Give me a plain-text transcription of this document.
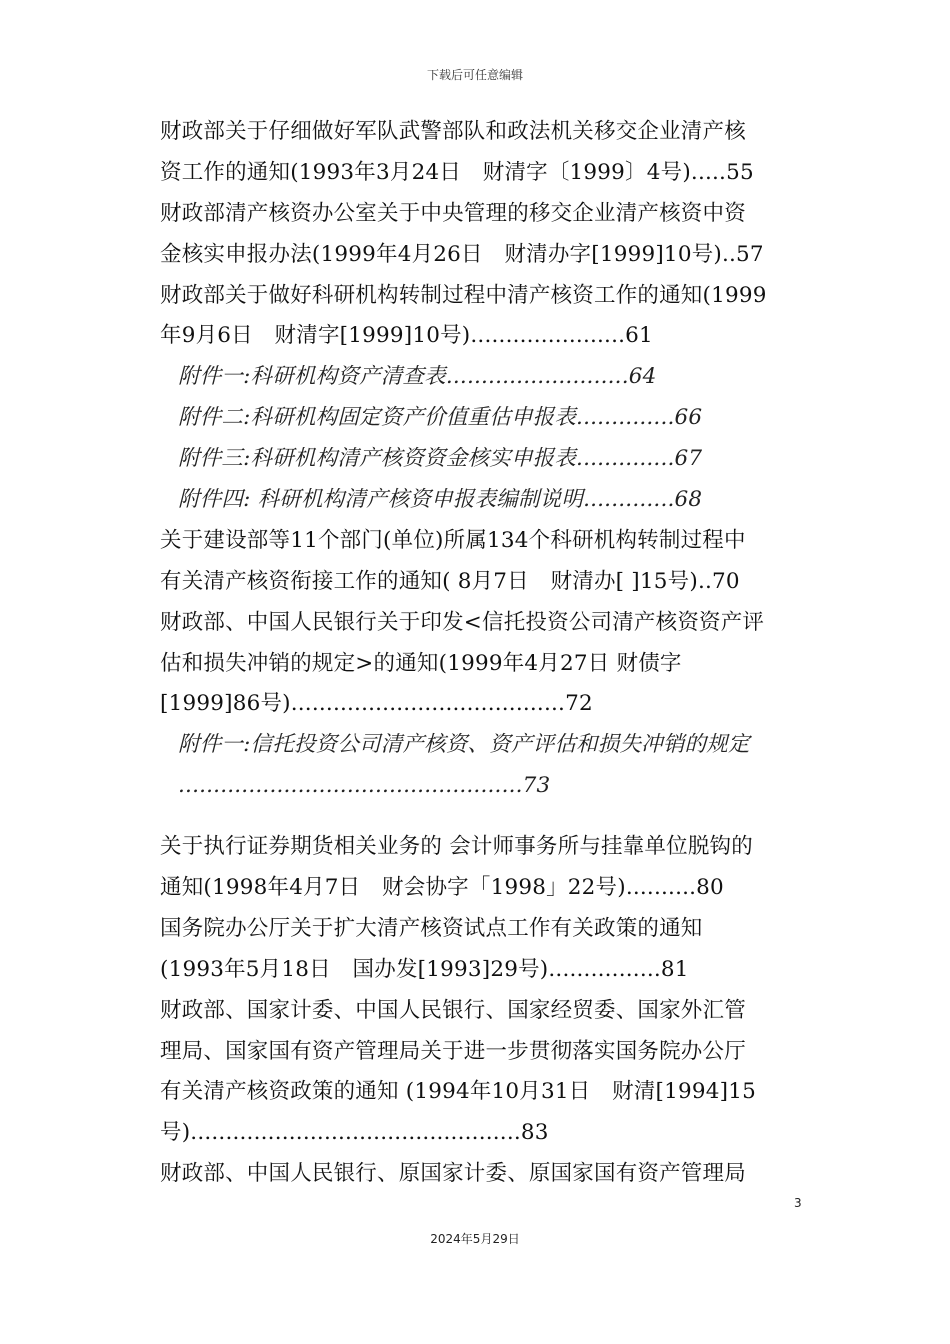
下载后可任意编辑
财政部关于仔细做好军队武警部队和政法机关移交企业清产核
资工作的通知(1993年3月24日　财清字〔1999〕4号).....55
财政部清产核资办公室关于中央管理的移交企业清产核资中资
金核实申报办法(1999年4月26日　财清办字[1999]10号)..57
财政部关于做好科研机构转制过程中清产核资工作的通知(1999
年9月6日　财清字[1999]10号)......................61
附件一:科研机构资产清查表..........................64
附件二:科研机构固定资产价值重估申报表..............66
附件三:科研机构清产核资资金核实申报表..............67
附件四: 科研机构清产核资申报表编制说明.............68
关于建设部等11个部门(单位)所属134个科研机构转制过程中
有关清产核资衔接工作的通知( 8月7日　财清办[ ]15号)..70
财政部、中国人民银行关于印发<信托投资公司清产核资资产评
估和损失冲销的规定>的通知(1999年4月27日 财债字
[1999]86号).......................................72
附件一:信托投资公司清产核资、资产评估和损失冲销的规定
.................................................73
关于执行证券期货相关业务的 会计师事务所与挂靠单位脱钩的
通知(1998年4月7日　财会协字「1998」22号)..........80
国务院办公厅关于扩大清产核资试点工作有关政策的通知
(1993年5月18日　国办发[1993]29号)................81
财政部、国家计委、中国人民银行、国家经贸委、国家外汇管
理局、国家国有资产管理局关于进一步贯彻落实国务院办公厅
有关清产核资政策的通知 (1994年10月31日　财清[1994]15
号)...............................................83
财政部、中国人民银行、原国家计委、原国家国有资产管理局
3
2024年5月29日
